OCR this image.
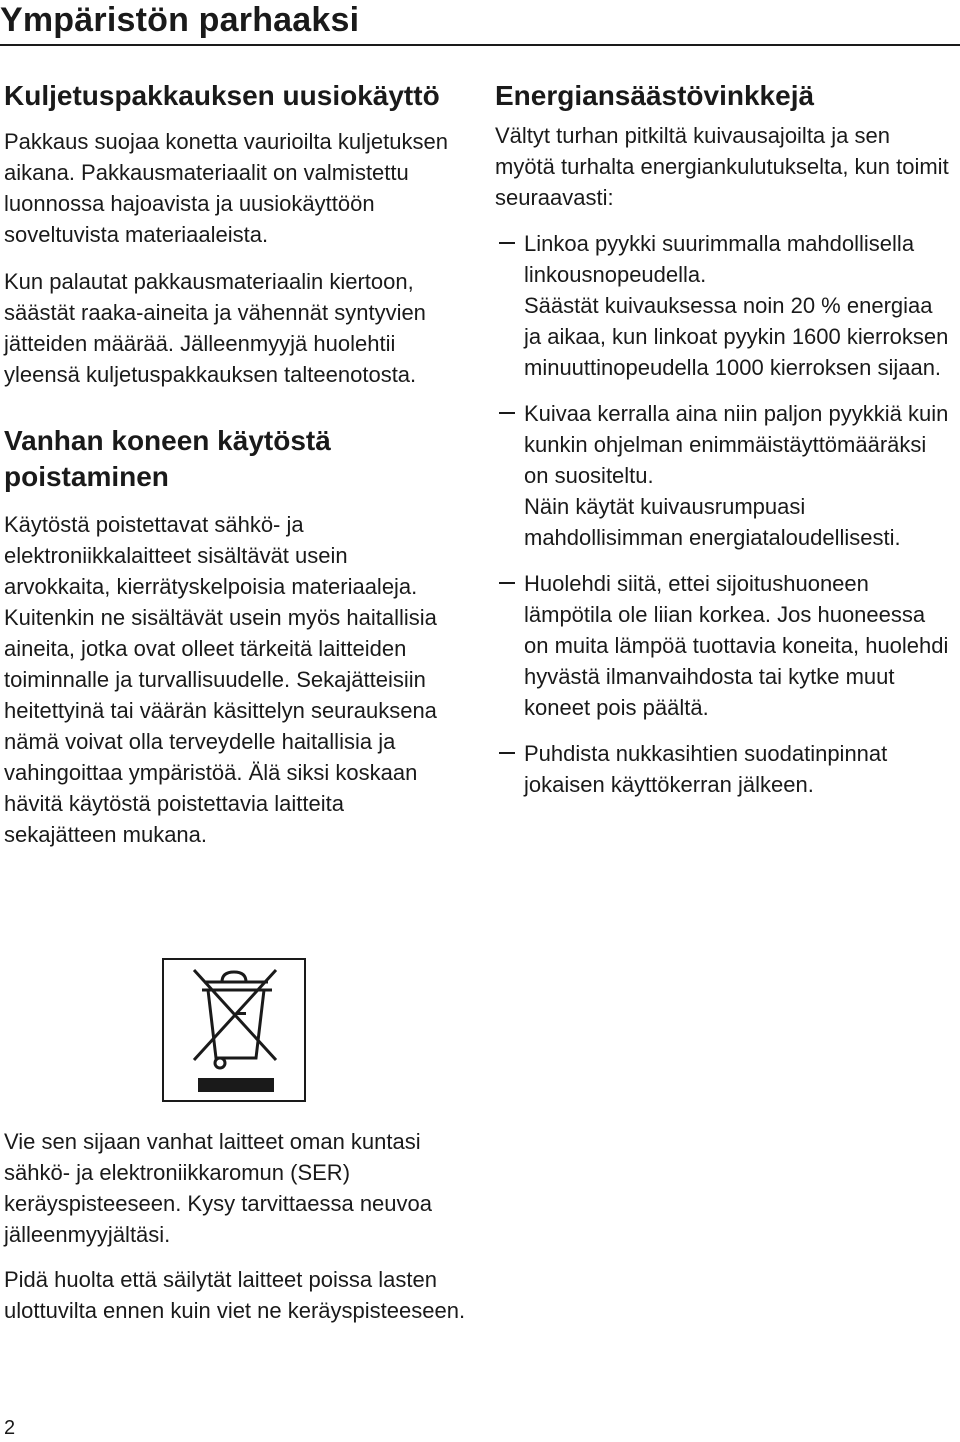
Ympäristön parhaaksi
Kuljetuspakkauksen uusiokäyttö

Pakkaus suojaa konetta vaurioilta kuljetuksen aikana. Pakkausmateriaalit on valmistettu luonnossa hajoavista ja uusiokäyttöön soveltuvista materiaaleista.

Kun palautat pakkausmateriaalin kiertoon, säästät raaka-aineita ja vähennät syntyvien jätteiden määrää. Jälleenmyyjä huolehtii yleensä kuljetuspakkauksen talteenotosta.

Vanhan koneen käytöstä poistaminen

Käytöstä poistettavat sähkö- ja elektroniikkalaitteet sisältävät usein arvokkaita, kierrätyskelpoisia materiaaleja. Kuitenkin ne sisältävät usein myös haitallisia aineita, jotka ovat olleet tärkeitä laitteiden toiminnalle ja turvallisuudelle. Sekajätteisiin heitettyinä tai väärän käsittelyn seurauksena nämä voivat olla terveydelle haitallisia ja vahingoittaa ympäristöä. Älä siksi koskaan hävitä käytöstä poistettavia laitteita sekajätteen mukana.

Energiansäästövinkkejä

Vältyt turhan pitkiltä kuivausajoilta ja sen myötä turhalta energiankulutukselta, kun toimit seuraavasti:

Linkoa pyykki suurimmalla mahdollisella linkousnopeudella.

Säästät kuivauksessa noin 20 % energiaa ja aikaa, kun linkoat pyykin 1600 kierroksen minuuttinopeudella 1000 kierroksen sijaan.

Kuivaa kerralla aina niin paljon pyykkiä kuin kunkin ohjelman enimmäistäyttömääräksi on suositeltu.

Näin käytät kuivausrumpuasi mahdollisimman energiataloudellisesti.

Huolehdi siitä, ettei sijoitushuoneen lämpötila ole liian korkea. Jos huoneessa on muita lämpöä tuottavia koneita, huolehdi hyvästä ilmanvaihdosta tai kytke muut koneet pois päältä.

Puhdista nukkasihtien suodatinpinnat jokaisen käyttökerran jälkeen.

Vie sen sijaan vanhat laitteet oman kuntasi sähkö- ja elektroniikkaromun (SER) keräyspisteeseen. Kysy tarvittaessa neuvoa jälleenmyyjältäsi.

Pidä huolta että säilytät laitteet poissa lasten ulottuvilta ennen kuin viet ne keräyspisteeseen.

2
